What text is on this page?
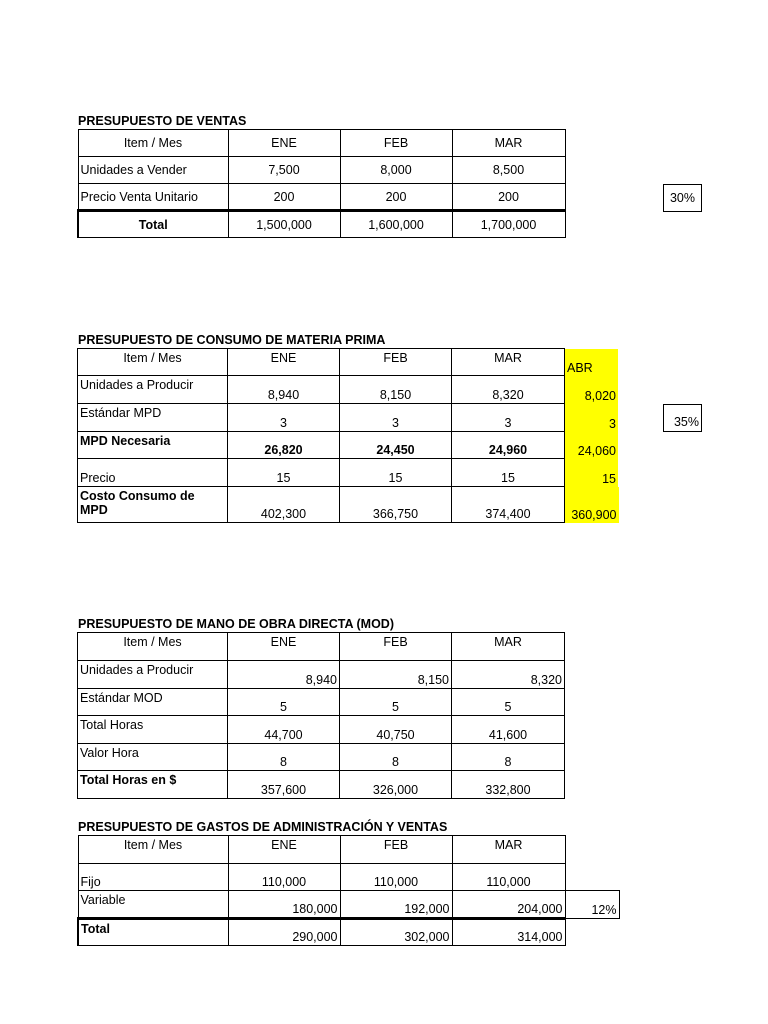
PRESUPUESTO DE VENTAS
Item / Mes	ENE	FEB	MAR
Unidades a Vender	7,500	8,000	8,500
Precio Venta Unitario	200	200	200
Total	1,500,000	1,600,000	1,700,000
30%
PRESUPUESTO DE CONSUMO DE MATERIA PRIMA
Item / Mes	ENE	FEB	MAR	ABR
Unidades a Producir	8,940	8,150	8,320	8,020
Estándar MPD	3	3	3	3
MPD Necesaria	26,820	24,450	24,960	24,060
Precio	15	15	15	15
Costo Consumo de MPD	402,300	366,750	374,400	360,900
35%
PRESUPUESTO DE MANO DE OBRA DIRECTA (MOD)
Item / Mes	ENE	FEB	MAR
Unidades a Producir	8,940	8,150	8,320
Estándar MOD	5	5	5
Total Horas	44,700	40,750	41,600
Valor Hora	8	8	8
Total Horas en $	357,600	326,000	332,800
PRESUPUESTO DE GASTOS DE ADMINISTRACIÓN Y VENTAS
Item / Mes	ENE	FEB	MAR	
Fijo	110,000	110,000	110,000	
Variable	180,000	192,000	204,000	12%
Total	290,000	302,000	314,000	
